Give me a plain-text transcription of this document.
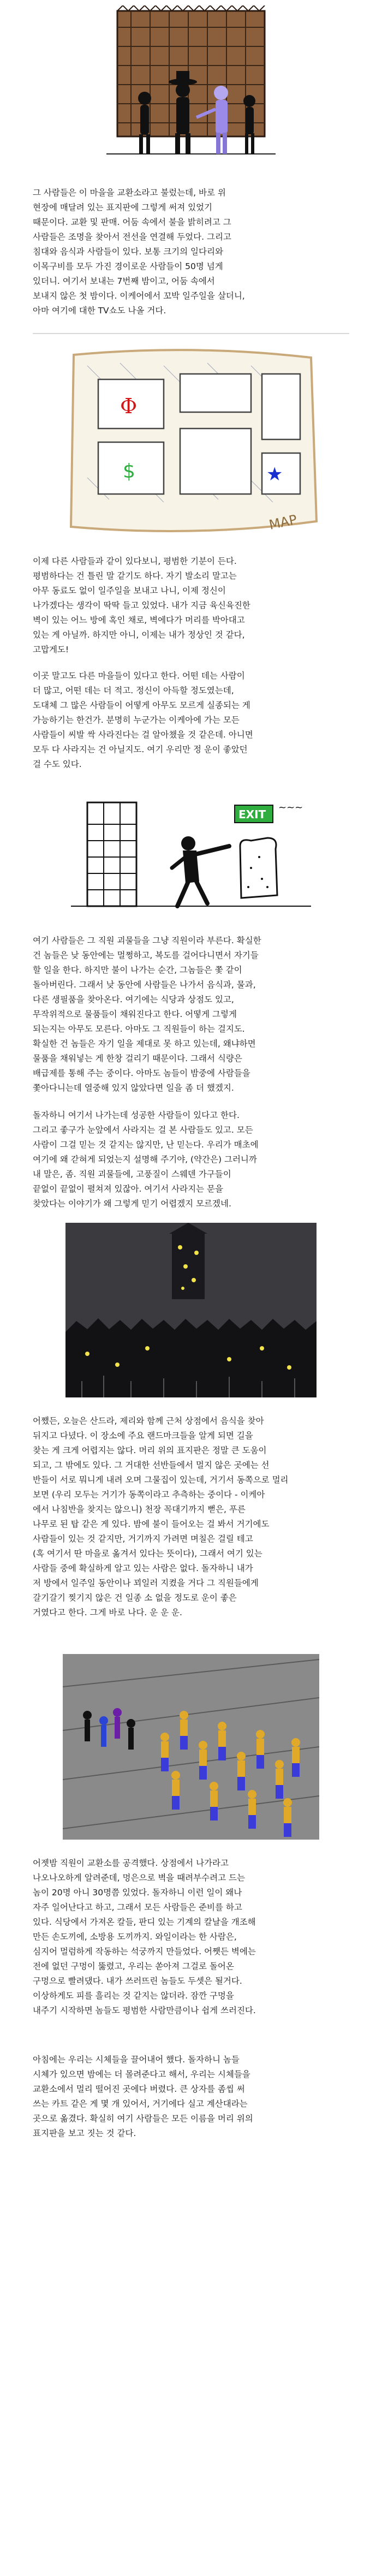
그 사람들은 이 마을을 교환소라고 불렀는데, 바로 위
현장에 매달려 있는 표지판에 그렇게 써져 있었기
때문이다. 교환 및 판매. 어둠 속에서 불을 밝히려고 그
사람들은 조명을 찾아서 전선을 연결해 두었다. 그리고
침대와 음식과 사람들이 있다. 보통 크기의 일다리와
이목구비를 모두 가진 경이로운 사람들이 50명 넘게
있더니. 여기서 보내는 7번째 밤이고, 어둠 속에서
보내지 않은 첫 밤이다. 이케어에서 꼬박 일주일을 살더니,
아마 여기에 대한 TV쇼도 나올 거다.
Φ
$	★
MAP
이제 다른 사람들과 같이 있다보니, 평범한 기분이 든다.
평범하다는 건 틀린 말 같기도 하다. 자기 발소리 말고는
아무 동료도 없이 일주일을 보내고 나니, 이제 정신이
나가겠다는 생각이 딱딱 들고 있었다. 내가 지금 육신육진한
벽이 있는 어느 방에 혹인 채로, 벽에다가 머리를 박아대고
있는 게 아닐까. 하지만 아니, 이제는 내가 정상인 것 같다,
고맙게도!
이곳 말고도 다른 마을들이 있다고 한다. 어떤 데는 사람이
더 많고, 어떤 데는 더 적고. 정신이 아득할 정도였는데,
도대체 그 많은 사람들이 어떻게 아무도 모르게 실종되는 게
가능하기는 한건가. 분명히 누군가는 이케아에 가는 모든
사람들이 씨발 싹 사라진다는 걸 알아챘을 것 같은데. 아니면
모두 다 사라지는 건 아닐지도. 여기 우리만 정 운이 좋았던
걸 수도 있다.
EXIT
~~~
여기 사람들은 그 직원 괴물들을 그냥 직원이라 부른다. 확실한
건 놈들은 낮 동안에는 멀쩡하고, 복도를 걸어다니면서 자기들
할 일을 한다. 하지만 불이 나가는 순간, 그놈들은 쫓 같이
돌아버린다. 그래서 낮 동안에 사람들은 나가서 음식과, 물과,
다른 생필품을 찾아온다. 여기에는 식당과 상점도 있고,
무작위적으로 물품들이 채워진다고 한다. 어떻게 그렇게
되는지는 아무도 모른다. 아마도 그 직원들이 하는 걸지도.
확실한 건 놈들은 자기 일을 제대로 못 하고 있는데, 왜냐하면
물품을 채워넣는 게 한창 걸리기 때문이다. 그래서 식량은
배급제를 통해 주는 중이다. 아마도 놈들이 밤중에 사람들을
쫓아다니는데 열중해 있지 않았다면 일을 좀 더 했겠지.
돌자하니 여기서 나가는데 성공한 사람들이 있다고 한다.
그리고 좋구가 눈앞에서 사라지는 걸 본 사람들도 있고. 모든
사람이 그걸 믿는 것 같지는 않지만, 난 믿는다. 우리가 매초에
여기에 왜 갇혀게 되었는지 설명해 주기야, (약간은) 그러니까
내 말은, 좀. 직원 괴물들에, 고풍질이 스웨덴 가구들이
끝없이 끝없이 펼쳐져 있잖아. 여기서 사라지는 문을
찾았다는 이야기가 왜 그렇게 믿기 어렵겠지 모르겠네.
어쨌든, 오늘은 산드라, 제리와 함께 근처 상점에서 음식을 찾아
뒤지고 다녔다. 이 장소에 주요 랜드마크들을 알게 되면 길을
찾는 게 크게 어렵지는 않다. 머리 위의 표지판은 정말 큰 도움이
되고, 그 밖에도 있다. 그 거대한 선반들에서 멀지 않은 곳에는 선
반들이 서로 뭐니게 내려 오며 그물집이 있는데, 거기서 동쪽으로 멀리
보면 (우리 모두는 거기가 동쪽이라고 추측하는 중이다 - 이케아
에서 나침반을 찾지는 않으니) 천장 꼭대기까지 뻗은, 푸른
나무로 된 탑 같은 게 있다. 밤에 불이 들어오는 걸 봐서 거기에도
사람들이 있는 것 같지만, 거기까지 가려면 며칠은 걸릴 테고
(혹 여기서 딴 마을로 옮겨서 있다는 뜻이다), 그래서 여기 있는
사람들 중에 확실하게 알고 있는 사람은 없다. 돌자하니 내가
저 방에서 일주일 동안이나 꾀일러 지켰을 거다 그 직원들에게
갈기갈기 찢기지 않은 건 일종 소 없을 정도로 운이 좋은
거였다고 한다. 그게 바로 나다. 운 운 운.
어젯밤 직원이 교환소를 공격했다. 상점에서 나가라고
나오나오하게 알려준데, 멍은으로 벽을 때려부수려고 드는
놈이 20명 아니 30명쯤 있었다. 돌자하니 이런 일이 왜나
자주 일어난다고 하고, 그래서 모든 사람들은 준비를 하고
있다. 식당에서 가져온 칼들, 판디 있는 기계의 칼날을 개조해
만든 손도끼에, 소방용 도끼까지. 와일이라는 한 사람은,
심지어 멀럼하게 작동하는 석궁까지 만들었다. 어쨋든 벽에는
전에 없던 구멍이 뚫렸고, 우리는 쏟아져 그걸로 돌어온
구멍으로 빨려댔다. 내가 쓰러뜨린 놈들도 두셋은 될거다.
이상하게도 피를 흘리는 것 같지는 않더라. 잠깐 구멍을
내주기 시작하면 놈들도 평범한 사람만큼이나 쉽게 쓰러진다.
아침에는 우리는 시체들을 끌어내어 했다. 돌자하니 놈들
시체가 있으면 밤에는 더 몰려준다고 해서, 우리는 시체들을
교환소에서 멀리 떨어진 곳에다 버렸다. 큰 상자를 좀씹 써
쓰는 카트 같은 게 몇 개 있어서, 거기에다 실고 계산대라는
곳으로 옮겼다. 확실히 여기 사람들은 모든 이름을 머리 위의
표지판을 보고 짓는 것 같다.
